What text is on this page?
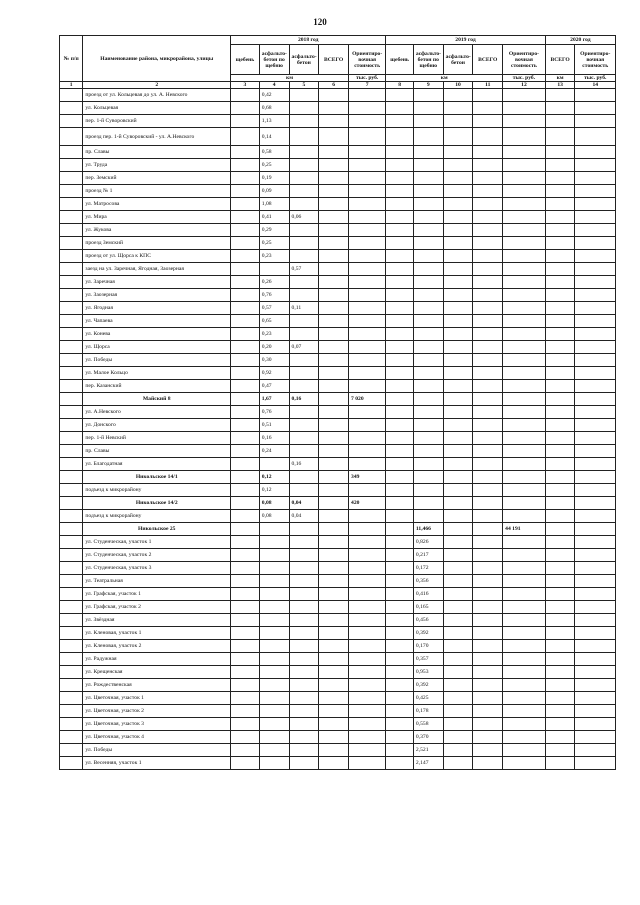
120
№ п/п	Наименование района, микрорайона, улицы	2018 год					2019 год					2020 год	
		щебень	асфальто-бетон по щебню	асфальто-бетон	ВСЕГО	Ориентиро-вочная стоимость	щебень	асфальто-бетон по щебню	асфальто-бетон	ВСЕГО	Ориентиро-вочная стоимость	ВСЕГО	Ориентиро-вочная стоимость
		км				тыс. руб.	км				тыс. руб.	км	тыс. руб.
1	2	3	4	5	6	7	8	9	10	11	12	13	14
	проезд от ул. Кольцевая до ул. А. Невского		0,42										
	ул. Кольцевая		0,68										
	пер. 1-й Суворовский		1,13										
	проезд пер. 1-й Суворовский - ул. А.Невского		0,14										
	пр. Славы		0,58										
	ул. Труда		0,25										
	пер. Земский		0,19										
	проезд № 1		0,09										
	ул. Матросова		1,08										
	ул. Мира		0,41	0,06									
	ул. Жукова		0,29										
	проезд Земский		0,25										
	проезд от ул. Щорса к КПС		0,23										
	заезд на ул. Заречная, Ягодная, Заозерная			0,57									
	ул. Заречная		0,26										
	ул. Заозерная		0,76										
	ул. Ягодная		0,57	0,11									
	ул. Чапаева		0,65										
	ул. Конева		0,23										
	ул. Щорса		0,20	0,07									
	ул. Победы		0,30										
	ул. Малое Кольцо		0,92										
	пер. Казанский		0,47										
	Майский 8		1,67	0,16		7 020							
	ул. А.Невского		0,76										
	ул. Донского		0,51										
	пер. 1-й Невский		0,16										
	пр. Славы		0,24										
	ул. Благодатная			0,16									
	Никольское 14/1		0,12			349							
	подъезд к микрорайону		0,12										
	Никольское 14/2		0,08	0,04		420							
	подъезд к микрорайону		0,08	0,04									
	Никольское 25							11,466			44 191		
	ул. Студенческая, участок 1							0,826					
	ул. Студенческая, участок 2							0,217					
	ул. Студенческая, участок 3							0,172					
	ул. Театральная							0,356					
	ул. Графская, участок 1							0,416					
	ул. Графская, участок 2							0,165					
	ул. Звёздная							0,456					
	ул. Кленовая, участок 1							0,392					
	ул. Кленовая, участок 2							0,170					
	ул. Радужная							0,357					
	ул. Крещенская							0,953					
	ул. Рождественская							0,392					
	ул. Цветочная, участок 1							0,425					
	ул. Цветочная, участок 2							0,178					
	ул. Цветочная, участок 3							0,558					
	ул. Цветочная, участок 4							0,370					
	ул. Победы							2,521					
	ул. Весенняя, участок 1							2,147					
